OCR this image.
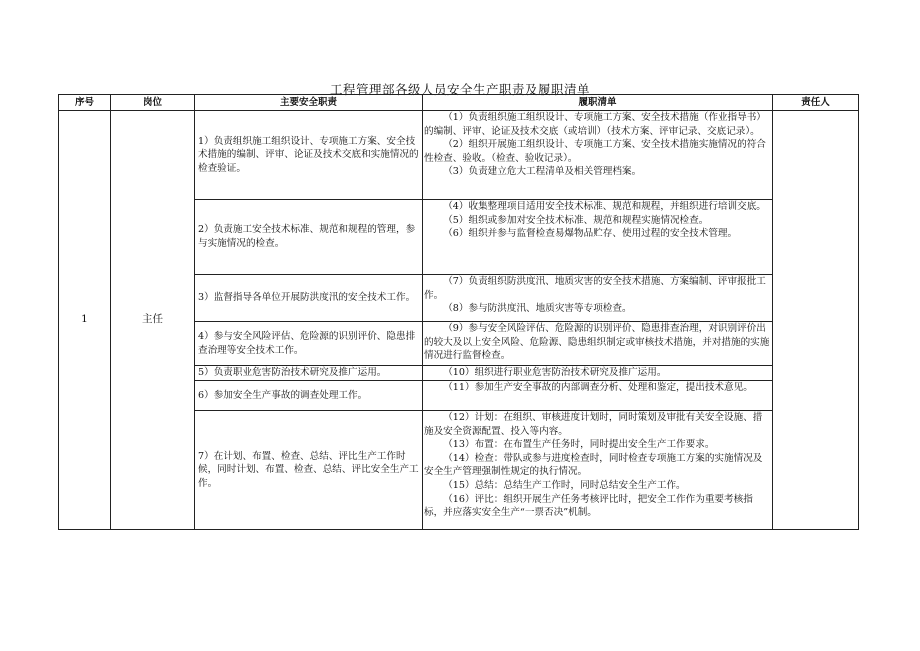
工程管理部各级人员安全生产职责及履职清单
序号	岗位	主要安全职责	履职清单	责任人
1	主任	1）负责组织施工组织设计、专项施工方案、安全技术措施的编制、评审、论证及技术交底和实施情况的检查验证。	（1）负责组织施工组织设计、专项施工方案、安全技术措施（作业指导书）的编制、评审、论证及技术交底（或培训）（技术方案、评审记录、交底记录）。
（2）组织开展施工组织设计、专项施工方案、安全技术措施实施情况的符合性检查、验收。（检查、验收记录）。
（3）负责建立危大工程清单及相关管理档案。	

		2）负责施工安全技术标准、规范和规程的管理，参与实施情况的检查。	（4）收集整理项目适用安全技术标准、规范和规程，并组织进行培训交底。
（5）组织或参加对安全技术标准、规范和规程实施情况检查。
（6）组织并参与监督检查易爆物品贮存、使用过程的安全技术管理。	

		3）监督指导各单位开展防洪度汛的安全技术工作。	（7）负责组织防洪度汛、地质灾害的安全技术措施、方案编制、评审报批工作。
（8）参与防洪度汛、地质灾害等专项检查。	

		4）参与安全风险评估、危险源的识别评价、隐患排查治理等安全技术工作。	（9）参与安全风险评估、危险源的识别评价、隐患排查治理，对识别评价出的较大及以上安全风险、危险源、隐患组织制定或审核技术措施，并对措施的实施情况进行监督检查。	

		5）负责职业危害防治技术研究及推广运用。	（10）组织进行职业危害防治技术研究及推广运用。	

		6）参加安全生产事故的调查处理工作。	（11）参加生产安全事故的内部调查分析、处理和鉴定，提出技术意见。	

		7）在计划、布置、检查、总结、评比生产工作时候，同时计划、布置、检查、总结、评比安全生产工作。	（12）计划：在组织、审核进度计划时，同时策划及审批有关安全设施、措施及安全资源配置、投入等内容。
（13）布置：在布置生产任务时，同时提出安全生产工作要求。
（14）检查：带队或参与进度检查时，同时检查专项施工方案的实施情况及安全生产管理强制性规定的执行情况。
（15）总结：总结生产工作时，同时总结安全生产工作。
（16）评比：组织开展生产任务考核评比时，把安全工作作为重要考核指标，并应落实安全生产“一票否决”机制。	
